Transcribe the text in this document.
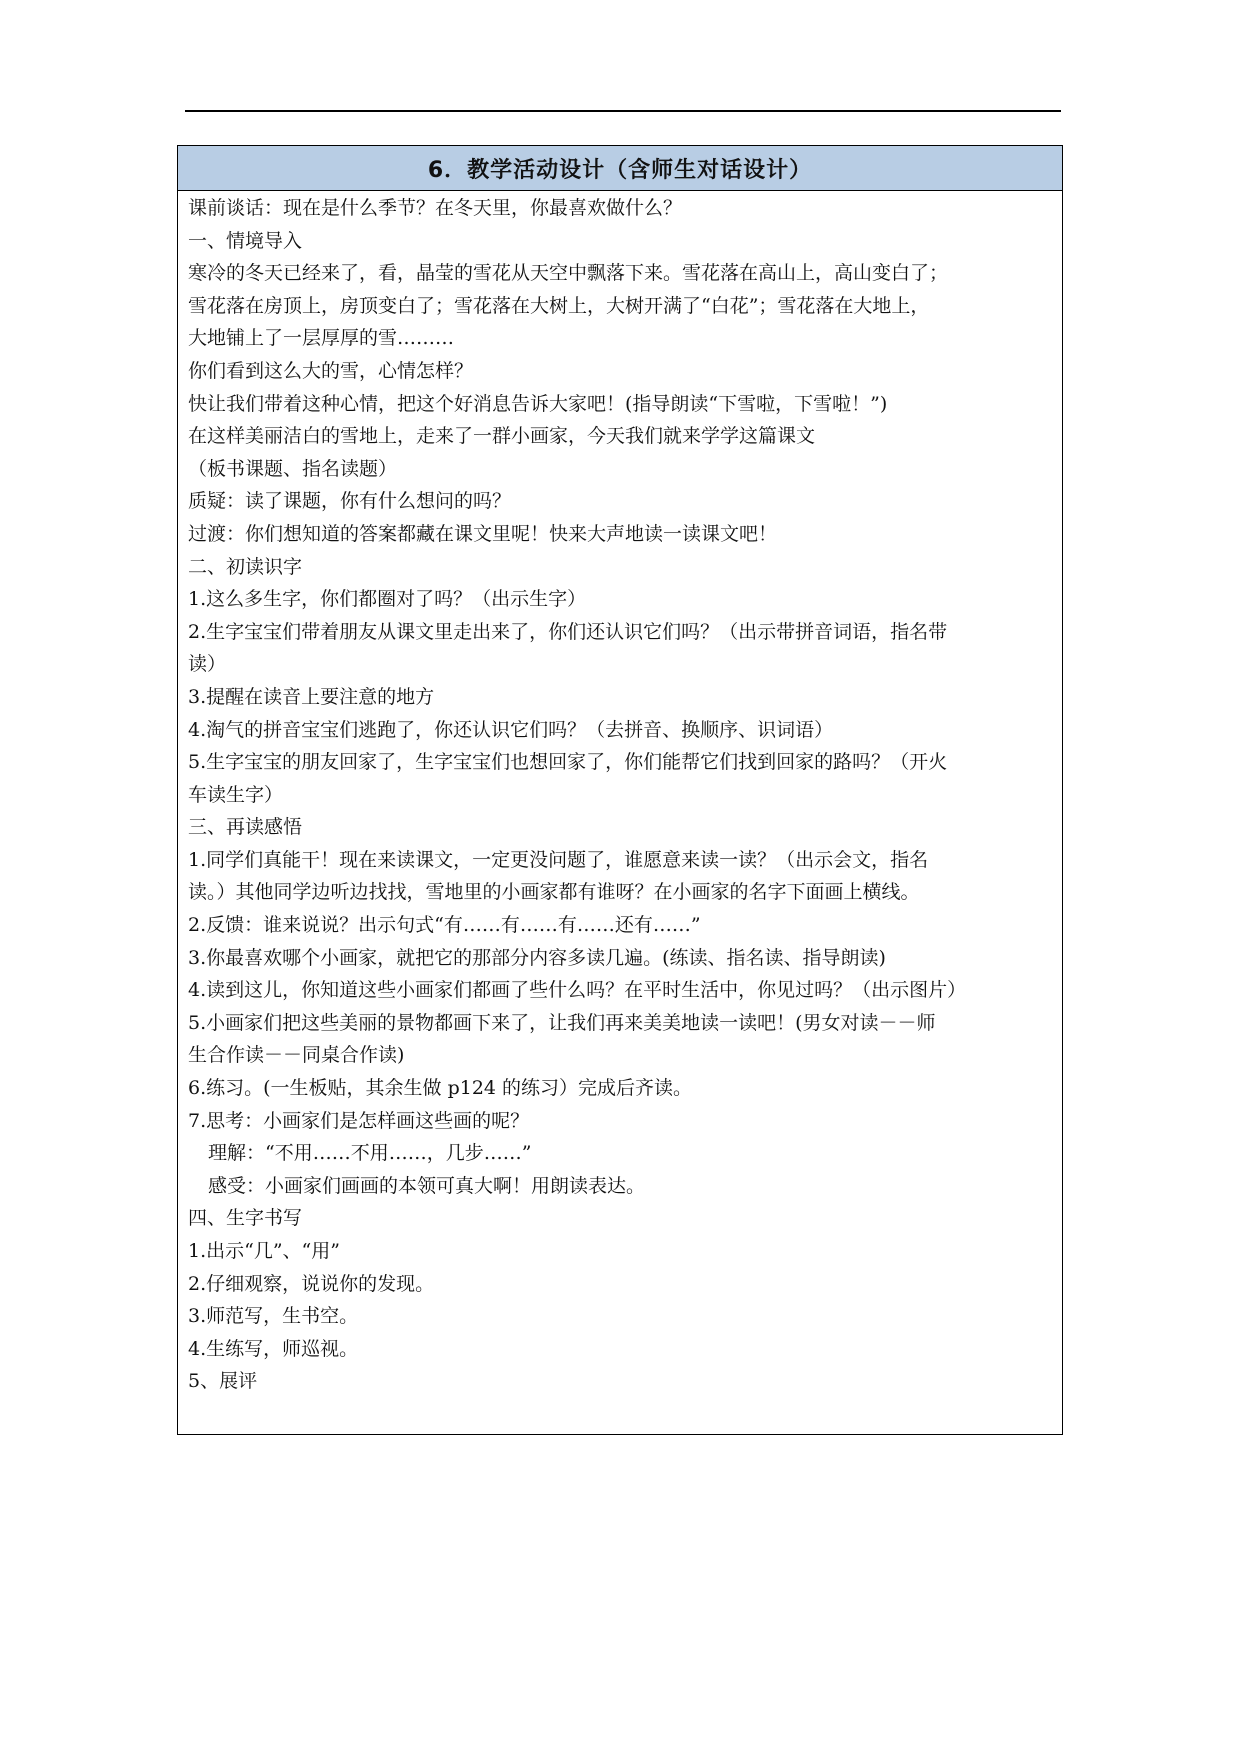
6．教学活动设计（含师生对话设计）
课前谈话：现在是什么季节？在冬天里，你最喜欢做什么？
一、情境导入
寒冷的冬天已经来了，看，晶莹的雪花从天空中飘落下来。雪花落在高山上，高山变白了；
雪花落在房顶上，房顶变白了；雪花落在大树上，大树开满了“白花”；雪花落在大地上，
大地铺上了一层厚厚的雪………
你们看到这么大的雪，心情怎样？
快让我们带着这种心情，把这个好消息告诉大家吧！(指导朗读“下雪啦，下雪啦！”)
在这样美丽洁白的雪地上，走来了一群小画家，今天我们就来学学这篇课文
（板书课题、指名读题）
质疑：读了课题，你有什么想问的吗？
过渡：你们想知道的答案都藏在课文里呢！快来大声地读一读课文吧！
二、初读识字
1.这么多生字，你们都圈对了吗？（出示生字）
2.生字宝宝们带着朋友从课文里走出来了，你们还认识它们吗？（出示带拼音词语，指名带
读）
3.提醒在读音上要注意的地方
4.淘气的拼音宝宝们逃跑了，你还认识它们吗？（去拼音、换顺序、识词语）
5.生字宝宝的朋友回家了，生字宝宝们也想回家了，你们能帮它们找到回家的路吗？（开火
车读生字）
三、再读感悟
1.同学们真能干！现在来读课文，一定更没问题了，谁愿意来读一读？（出示会文，指名
读。）其他同学边听边找找，雪地里的小画家都有谁呀？在小画家的名字下面画上横线。
2.反馈：谁来说说？出示句式“有……有……有……还有……”
3.你最喜欢哪个小画家，就把它的那部分内容多读几遍。(练读、指名读、指导朗读)
4.读到这儿，你知道这些小画家们都画了些什么吗？在平时生活中，你见过吗？（出示图片）
5.小画家们把这些美丽的景物都画下来了，让我们再来美美地读一读吧！(男女对读－－师
生合作读－－同桌合作读)
6.练习。(一生板贴，其余生做 p124 的练习）完成后齐读。
7.思考：小画家们是怎样画这些画的呢？
理解：“不用……不用……，几步……”
感受：小画家们画画的本领可真大啊！用朗读表达。
四、生字书写
1.出示“几”、“用”
2.仔细观察，说说你的发现。
3.师范写，生书空。
4.生练写，师巡视。
5、展评
